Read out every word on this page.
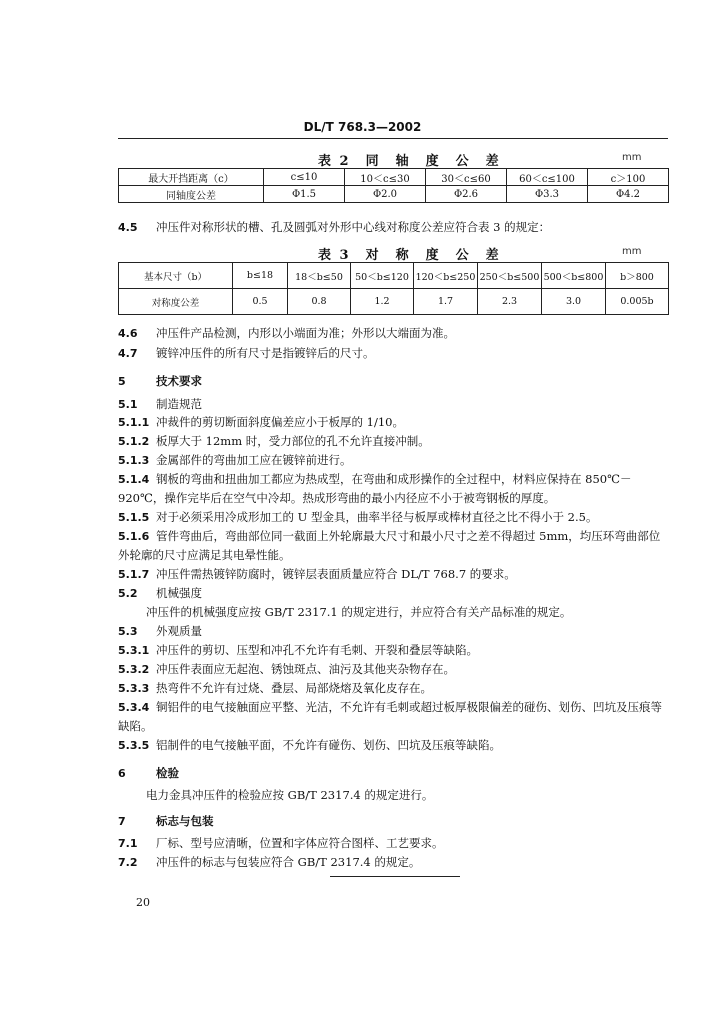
DL/T 768.3—2002
表 2　同　轴　度　公　差	mm
最大开挡距离（c）	c≤10	10＜c≤30	30＜c≤60	60＜c≤100	c＞100
同轴度公差	Φ1.5	Φ2.0	Φ2.6	Φ3.3	Φ4.2
4.5 冲压件对称形状的槽、孔及圆弧对外形中心线对称度公差应符合表 3 的规定：
表 3　对　称　度　公　差	mm
基本尺寸（b）	b≤18	18＜b≤50	50＜b≤120	120＜b≤250	250＜b≤500	500＜b≤800	b＞800
对称度公差	0.5	0.8	1.2	1.7	2.3	3.0	0.005b
4.6 冲压件产品检测，内形以小端面为准；外形以大端面为准。
4.7 镀锌冲压件的所有尺寸是指镀锌后的尺寸。
5	技术要求
5.1 制造规范
5.1.1 冲裁件的剪切断面斜度偏差应小于板厚的 1/10。
5.1.2 板厚大于 12mm 时，受力部位的孔不允许直接冲制。
5.1.3 金属部件的弯曲加工应在镀锌前进行。
5.1.4 钢板的弯曲和扭曲加工都应为热成型，在弯曲和成形操作的全过程中，材料应保持在 850℃－920℃，操作完毕后在空气中冷却。热成形弯曲的最小内径应不小于被弯钢板的厚度。
5.1.5 对于必须采用冷成形加工的 U 型金具，曲率半径与板厚或棒材直径之比不得小于 2.5。
5.1.6 管件弯曲后，弯曲部位同一截面上外轮廓最大尺寸和最小尺寸之差不得超过 5mm，均压环弯曲部位外轮廓的尺寸应满足其电晕性能。
5.1.7 冲压件需热镀锌防腐时，镀锌层表面质量应符合 DL/T 768.7 的要求。
5.2 机械强度
冲压件的机械强度应按 GB/T 2317.1 的规定进行，并应符合有关产品标准的规定。
5.3 外观质量
5.3.1 冲压件的剪切、压型和冲孔不允许有毛刺、开裂和叠层等缺陷。
5.3.2 冲压件表面应无起泡、锈蚀斑点、油污及其他夹杂物存在。
5.3.3 热弯件不允许有过烧、叠层、局部烧熔及氧化皮存在。
5.3.4 铜铝件的电气接触面应平整、光洁，不允许有毛刺或超过板厚极限偏差的碰伤、划伤、凹坑及压痕等缺陷。
5.3.5 铝制件的电气接触平面，不允许有碰伤、划伤、凹坑及压痕等缺陷。
6	检验
电力金具冲压件的检验应按 GB/T 2317.4 的规定进行。
7	标志与包装
7.1 厂标、型号应清晰，位置和字体应符合图样、工艺要求。
7.2 冲压件的标志与包装应符合 GB/T 2317.4 的规定。
20
